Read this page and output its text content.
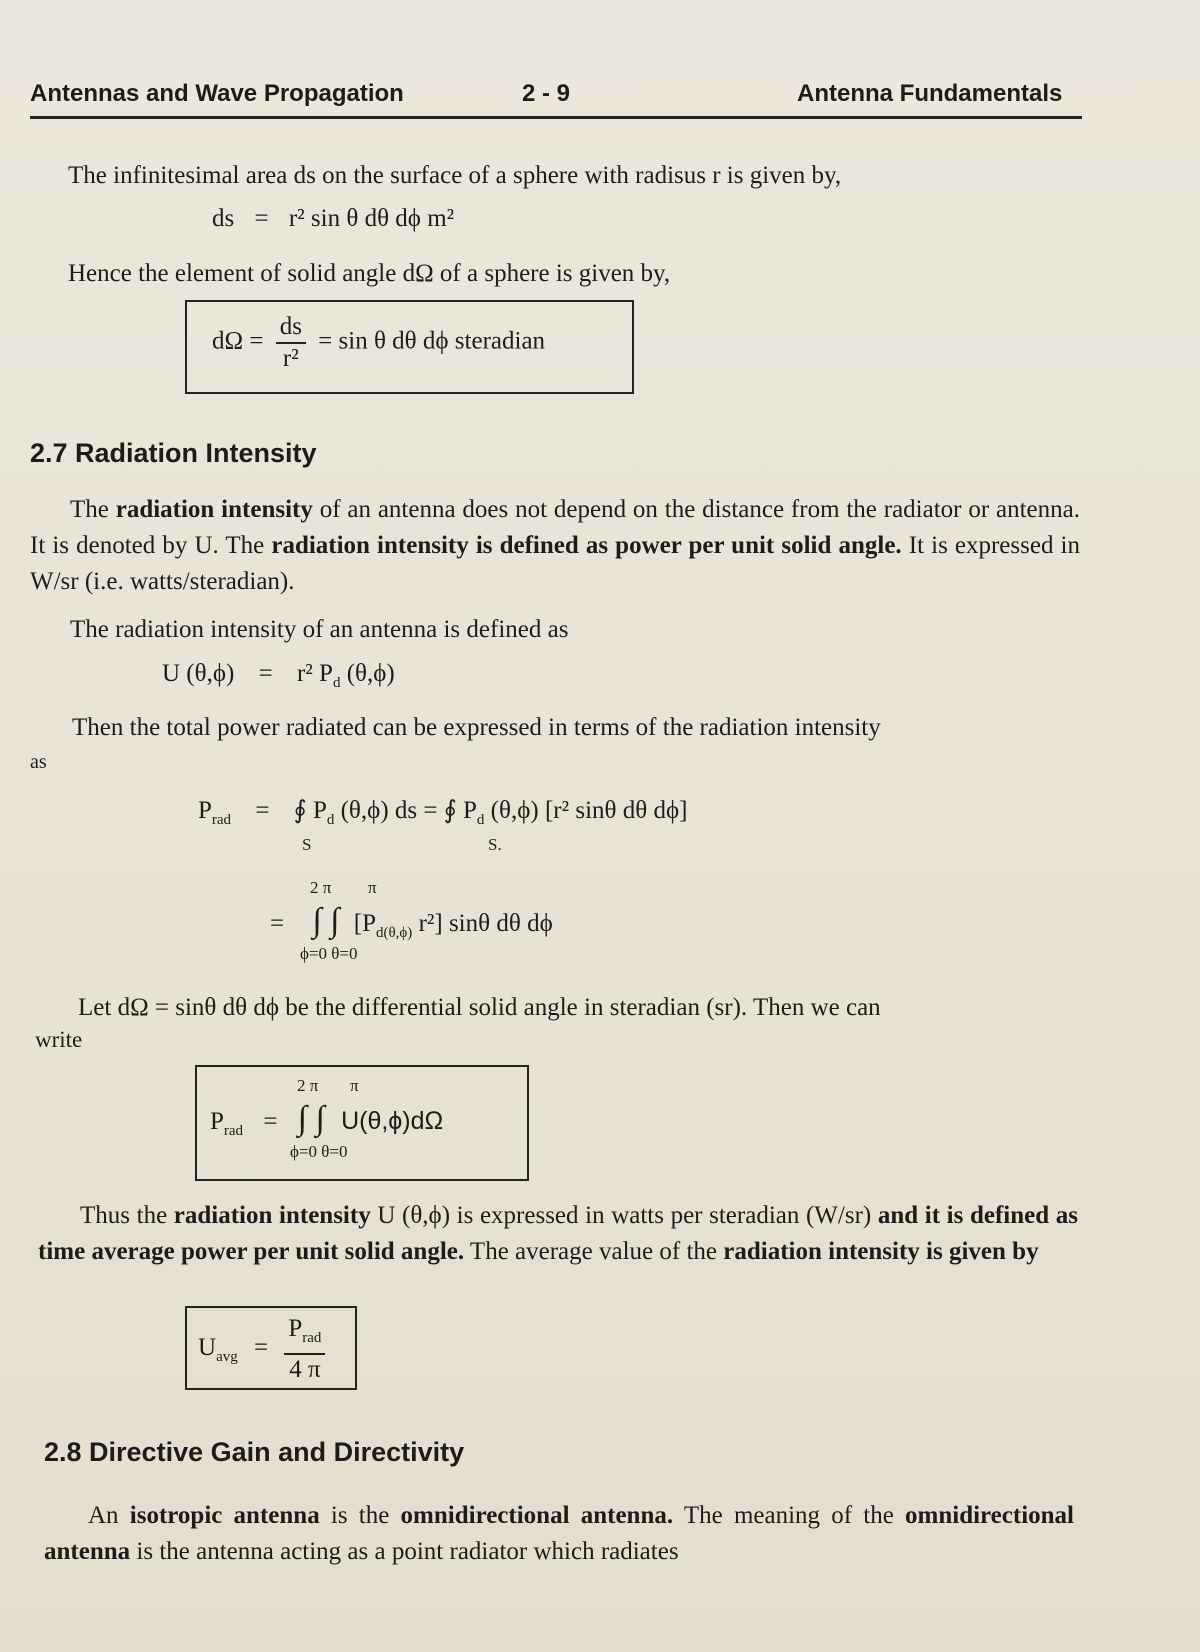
Antennas and Wave Propagation	2 - 9	Antenna Fundamentals
The infinitesimal area ds on the surface of a sphere with radisus r is given by,
ds = r² sin θ dθ dϕ m²
Hence the element of solid angle dΩ of a sphere is given by,
$d\Omega = \frac{ds}{\text{r²}} = \sin \theta$ dθ dϕ steradian
2.7 Radiation Intensity
The radiation intensity of an antenna does not depend on the distance from the radiator or antenna. It is denoted by U. The radiation intensity is defined as power per unit solid angle. It is expressed in W/sr (i.e. watts/steradian).
The radiation intensity of an antenna is defined as
U (θ,ϕ) = r² $P_d$ (θ,ϕ)
Then the total power radiated can be expressed in terms of the radiation intensity
as
$P_{rad}$ = ∮ $P_d$ (θ,ϕ) ds = ∮ $P_d$ (θ,ϕ) [r² sinθ dθ dϕ]
S	S.
2 π π
= ∫ ∫ [$P_{d(\theta,\phi)}$ r²] sinθ dθ dϕ
ϕ=0 θ=0
Let dΩ = sinθ dθ dϕ be the differential solid angle in steradian (sr). Then we can
write
2 π π
$P_{rad}$ = ∫ ∫ U(θ,ϕ)dΩ
ϕ=0 θ=0
Thus the radiation intensity U (θ,ϕ) is expressed in watts per steradian (W/sr) and it is defined as time average power per unit solid angle. The average value of the radiation intensity is given by
$U_{avg} = \frac{P_{rad}}{4 \pi}$
2.8 Directive Gain and Directivity
An isotropic antenna is the omnidirectional antenna. The meaning of the omnidirectional antenna is the antenna acting as a point radiator which radiates
